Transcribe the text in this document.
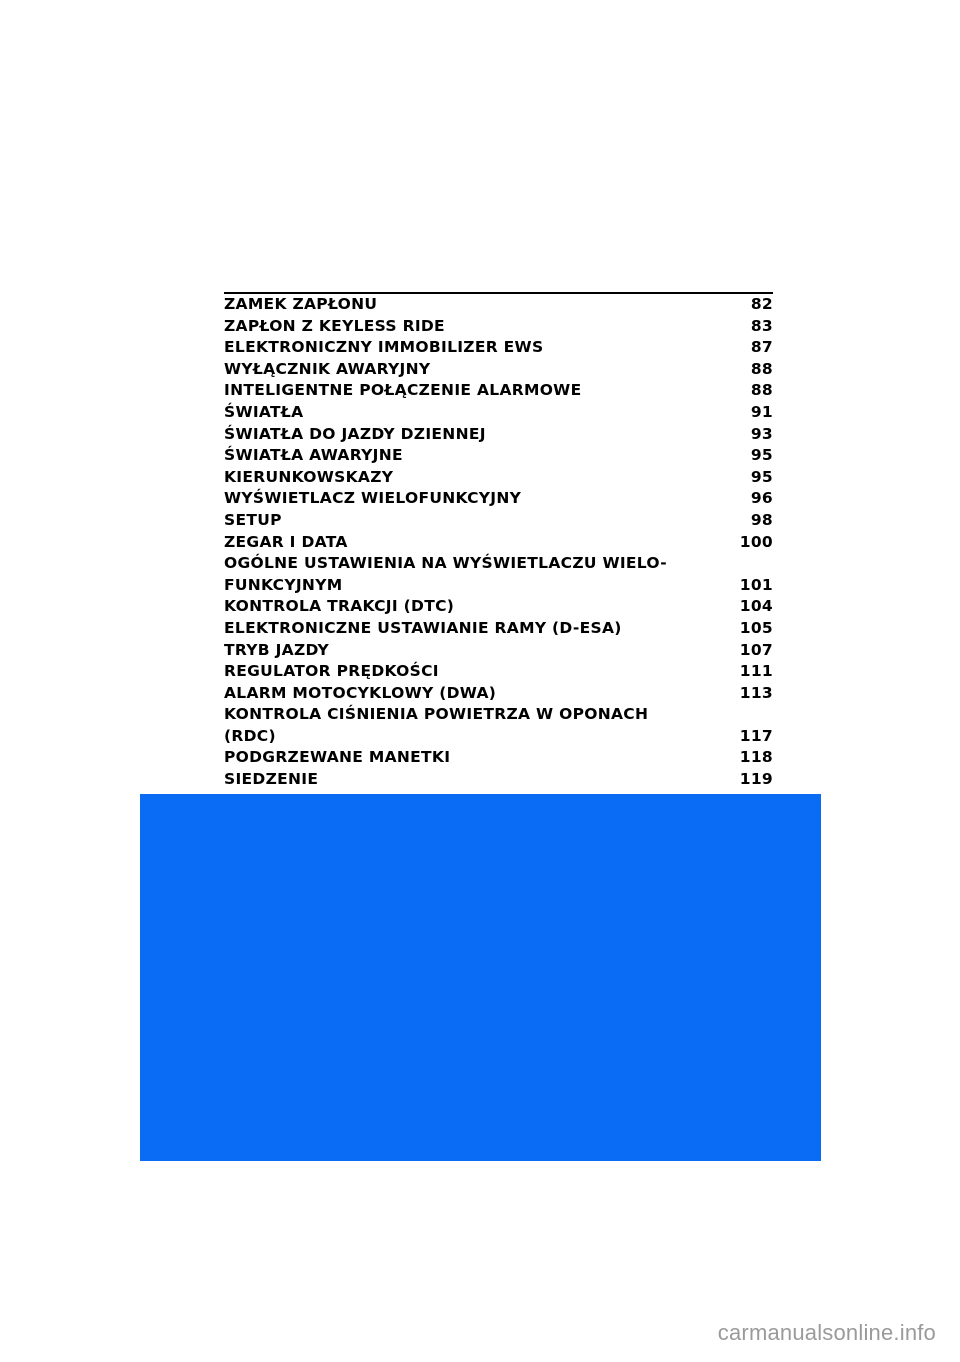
ZAMEK ZAPŁONU	82
ZAPŁON Z KEYLESS RIDE	83
ELEKTRONICZNY IMMOBILIZER EWS	87
WYŁĄCZNIK AWARYJNY	88
INTELIGENTNE POŁĄCZENIE ALARMOWE	88
ŚWIATŁA	91
ŚWIATŁA DO JAZDY DZIENNEJ	93
ŚWIATŁA AWARYJNE	95
KIERUNKOWSKAZY	95
WYŚWIETLACZ WIELOFUNKCYJNY	96
SETUP	98
ZEGAR I DATA	100
OGÓLNE USTAWIENIA NA WYŚWIETLACZU WIELO-
FUNKCYJNYM	101
KONTROLA TRAKCJI (DTC)	104
ELEKTRONICZNE USTAWIANIE RAMY (D-ESA)	105
TRYB JAZDY	107
REGULATOR PRĘDKOŚCI	111
ALARM MOTOCYKLOWY (DWA)	113
KONTROLA CIŚNIENIA POWIETRZA W OPONACH
(RDC)	117
PODGRZEWANE MANETKI	118
SIEDZENIE	119
carmanualsonline.info
